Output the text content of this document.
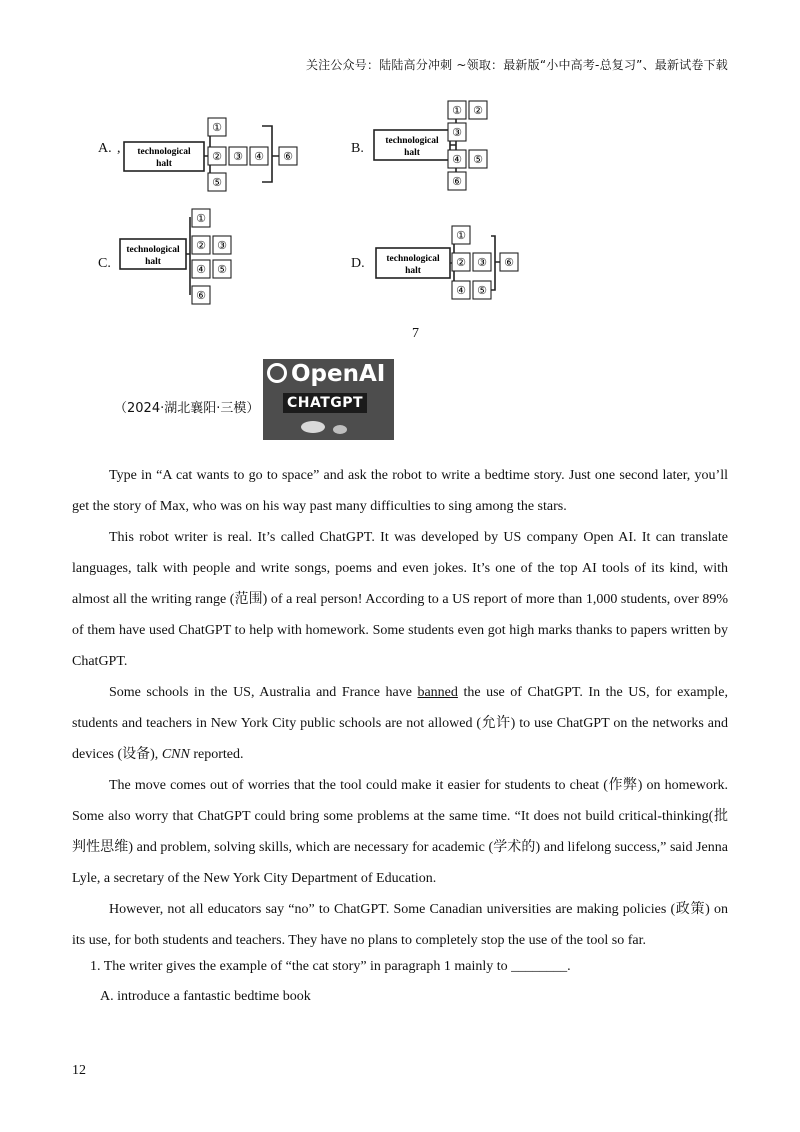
关注公众号：陆陆高分冲刺 ~领取：最新版“小中高考-总复习”、最新试卷下载
A. , technological
halt
①
② ③ ④
⑤
⑥
B. technological
halt
① ②
③
④ ⑤
⑥
C.
technological
halt
①
② ③
④ ⑤
⑥
D. technological
halt
①
② ③
④ ⑤
⑥
7
（2024·湖北襄阳·三模）
OpenAI
CHATGPT

Type in “A cat wants to go to space” and ask the robot to write a bedtime story. Just one second later, you’ll get the story of Max, who was on his way past many difficulties to sing among the stars.

This robot writer is real. It’s called ChatGPT. It was developed by US company Open AI. It can translate languages, talk with people and write songs, poems and even jokes. It’s one of the top AI tools of its kind, with almost all the writing range (范围) of a real person! According to a US report of more than 1,000 students, over 89% of them have used ChatGPT to help with homework. Some students even got high marks thanks to papers written by ChatGPT.

Some schools in the US, Australia and France have banned the use of ChatGPT. In the US, for example, students and teachers in New York City public schools are not allowed (允许) to use ChatGPT on the networks and devices (设备), CNN reported.

The move comes out of worries that the tool could make it easier for students to cheat (作弊) on homework. Some also worry that ChatGPT could bring some problems at the same time. “It does not build critical-thinking(批判性思维) and problem, solving skills, which are necessary for academic (学术的) and lifelong success,” said Jenna Lyle, a secretary of the New York City Department of Education.

However, not all educators say “no” to ChatGPT. Some Canadian universities are making policies (政策) on its use, for both students and teachers. They have no plans to completely stop the use of the tool so far.

1. The writer gives the example of “the cat story” in paragraph 1 mainly to ________.
A. introduce a fantastic bedtime book
12
